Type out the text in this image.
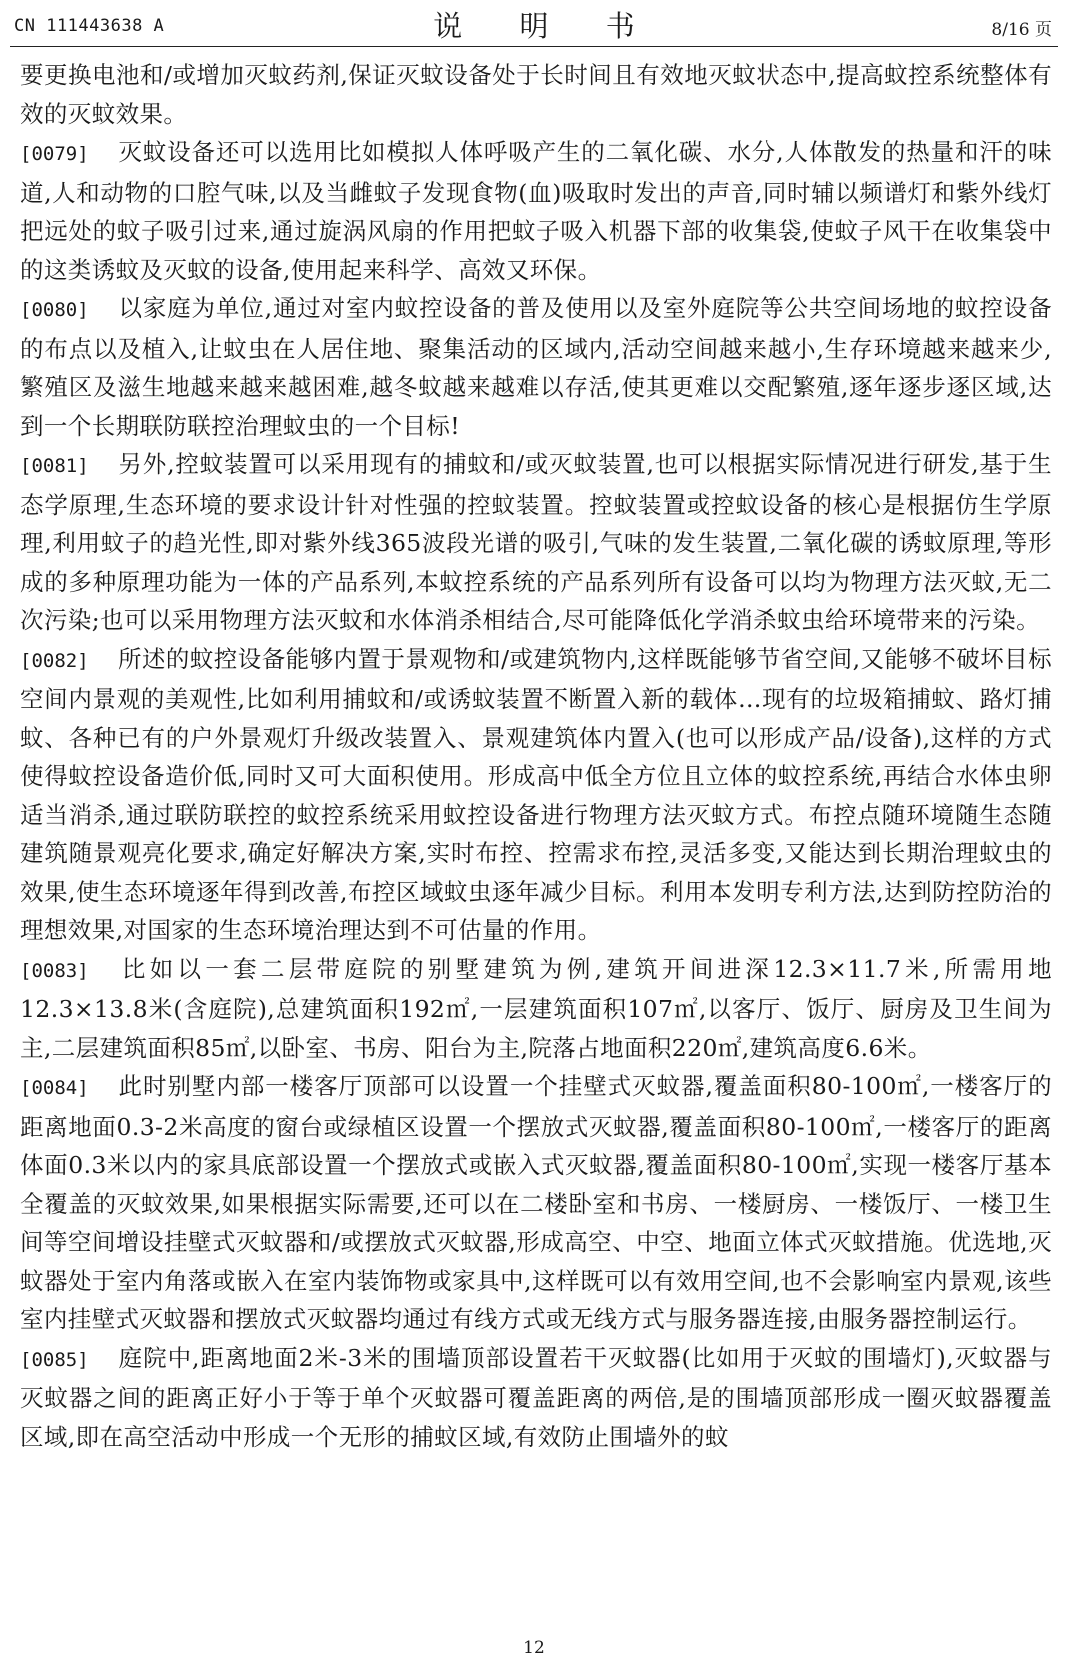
CN 111443638 A	说 明 书	8/16 页

要更换电池和/或增加灭蚊药剂,保证灭蚊设备处于长时间且有效地灭蚊状态中,提高蚊控系统整体有效的灭蚊效果。

[0079] 灭蚊设备还可以选用比如模拟人体呼吸产生的二氧化碳、水分,人体散发的热量和汗的味道,人和动物的口腔气味,以及当雌蚊子发现食物(血)吸取时发出的声音,同时辅以频谱灯和紫外线灯把远处的蚊子吸引过来,通过旋涡风扇的作用把蚊子吸入机器下部的收集袋,使蚊子风干在收集袋中的这类诱蚊及灭蚊的设备,使用起来科学、高效又环保。

[0080] 以家庭为单位,通过对室内蚊控设备的普及使用以及室外庭院等公共空间场地的蚊控设备的布点以及植入,让蚊虫在人居住地、聚集活动的区域内,活动空间越来越小,生存环境越来越来少,繁殖区及滋生地越来越来越困难,越冬蚊越来越难以存活,使其更难以交配繁殖,逐年逐步逐区域,达到一个长期联防联控治理蚊虫的一个目标!

[0081] 另外,控蚊装置可以采用现有的捕蚊和/或灭蚊装置,也可以根据实际情况进行研发,基于生态学原理,生态环境的要求设计针对性强的控蚊装置。控蚊装置或控蚊设备的核心是根据仿生学原理,利用蚊子的趋光性,即对紫外线365波段光谱的吸引,气味的发生装置,二氧化碳的诱蚊原理,等形成的多种原理功能为一体的产品系列,本蚊控系统的产品系列所有设备可以均为物理方法灭蚊,无二次污染;也可以采用物理方法灭蚊和水体消杀相结合,尽可能降低化学消杀蚊虫给环境带来的污染。

[0082] 所述的蚊控设备能够内置于景观物和/或建筑物内,这样既能够节省空间,又能够不破坏目标空间内景观的美观性,比如利用捕蚊和/或诱蚊装置不断置入新的载体…现有的垃圾箱捕蚊、路灯捕蚊、各种已有的户外景观灯升级改装置入、景观建筑体内置入(也可以形成产品/设备),这样的方式使得蚊控设备造价低,同时又可大面积使用。形成高中低全方位且立体的蚊控系统,再结合水体虫卵适当消杀,通过联防联控的蚊控系统采用蚊控设备进行物理方法灭蚊方式。布控点随环境随生态随建筑随景观亮化要求,确定好解决方案,实时布控、控需求布控,灵活多变,又能达到长期治理蚊虫的效果,使生态环境逐年得到改善,布控区域蚊虫逐年减少目标。利用本发明专利方法,达到防控防治的理想效果,对国家的生态环境治理达到不可估量的作用。

[0083] 比如以一套二层带庭院的别墅建筑为例,建筑开间进深12.3×11.7米,所需用地12.3×13.8米(含庭院),总建筑面积192㎡,一层建筑面积107㎡,以客厅、饭厅、厨房及卫生间为主,二层建筑面积85㎡,以卧室、书房、阳台为主,院落占地面积220㎡,建筑高度6.6米。

[0084] 此时别墅内部一楼客厅顶部可以设置一个挂壁式灭蚊器,覆盖面积80-100㎡,一楼客厅的距离地面0.3-2米高度的窗台或绿植区设置一个摆放式灭蚊器,覆盖面积80-100㎡,一楼客厅的距离体面0.3米以内的家具底部设置一个摆放式或嵌入式灭蚊器,覆盖面积80-100㎡,实现一楼客厅基本全覆盖的灭蚊效果,如果根据实际需要,还可以在二楼卧室和书房、一楼厨房、一楼饭厅、一楼卫生间等空间增设挂壁式灭蚊器和/或摆放式灭蚊器,形成高空、中空、地面立体式灭蚊措施。优选地,灭蚊器处于室内角落或嵌入在室内装饰物或家具中,这样既可以有效用空间,也不会影响室内景观,该些室内挂壁式灭蚊器和摆放式灭蚊器均通过有线方式或无线方式与服务器连接,由服务器控制运行。

[0085] 庭院中,距离地面2米-3米的围墙顶部设置若干灭蚊器(比如用于灭蚊的围墙灯),灭蚊器与灭蚊器之间的距离正好小于等于单个灭蚊器可覆盖距离的两倍,是的围墙顶部形成一圈灭蚊器覆盖区域,即在高空活动中形成一个无形的捕蚊区域,有效防止围墙外的蚊

12
